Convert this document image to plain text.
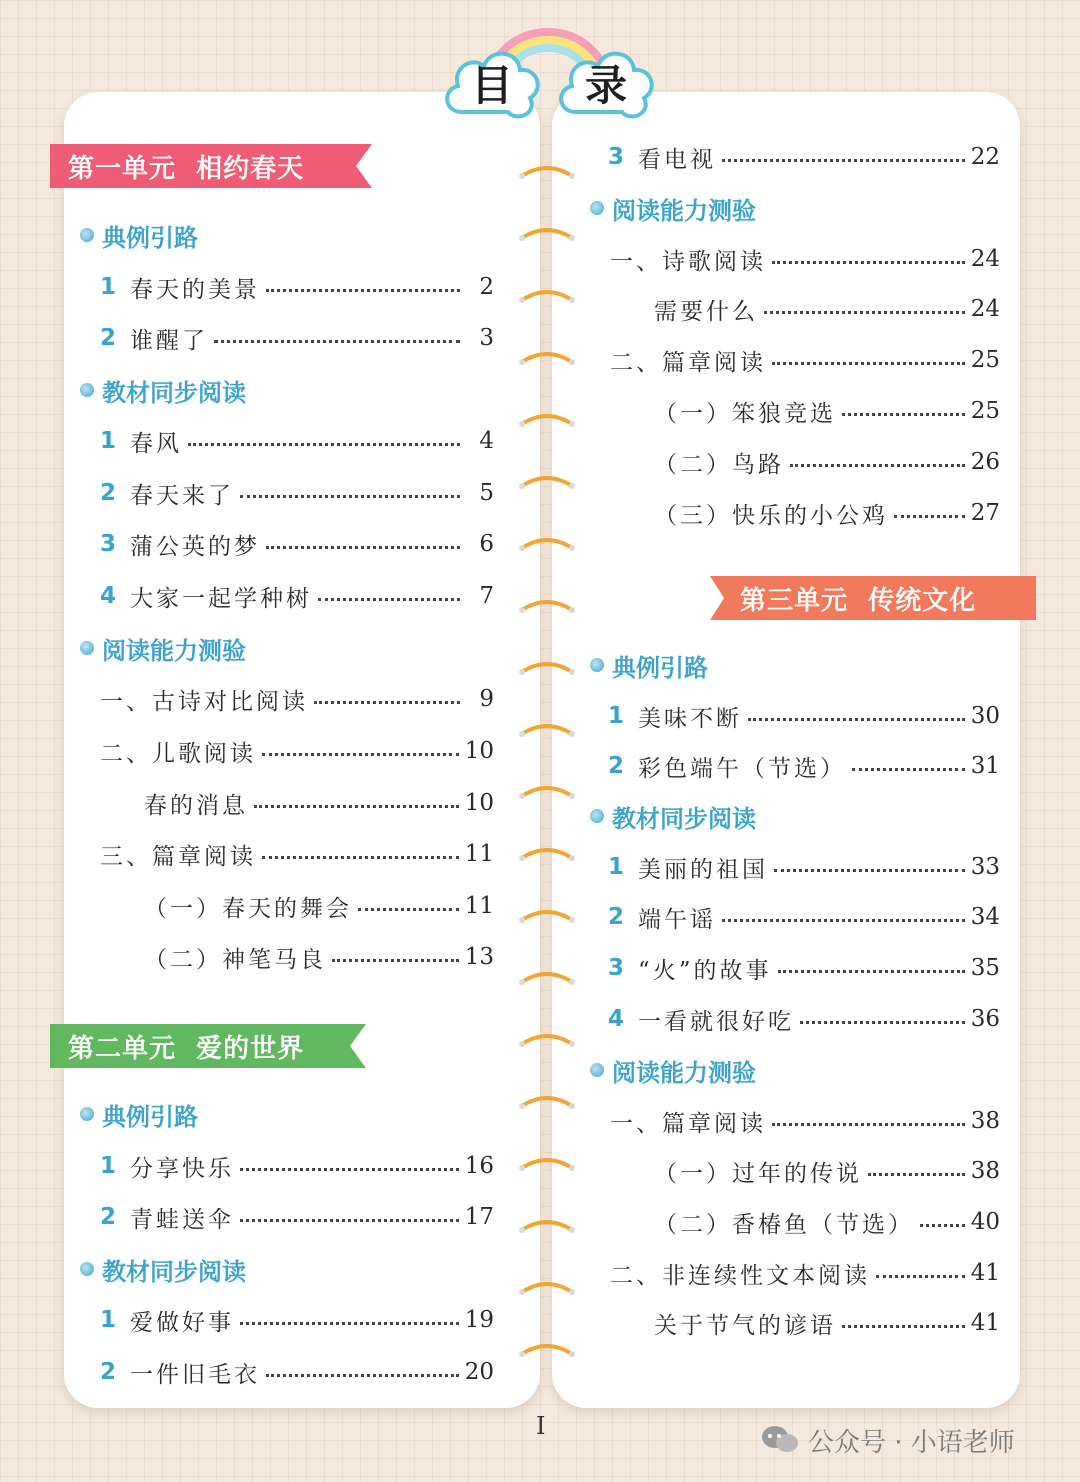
目	录
第一单元  相约春天
典例引路
1 春天的美景	2
2 谁醒了	3
教材同步阅读
1 春风	4
2 春天来了	5
3 蒲公英的梦	6
4 大家一起学种树	7
阅读能力测验
一、古诗对比阅读	9
二、儿歌阅读	10
春的消息	10
三、篇章阅读	11
（一）春天的舞会	11
（二）神笔马良	13
第二单元  爱的世界
典例引路
1 分享快乐	16
2 青蛙送伞	17
教材同步阅读
1 爱做好事	19
2 一件旧毛衣	20
3 看电视	22
阅读能力测验
一、诗歌阅读	24
需要什么	24
二、篇章阅读	25
（一）笨狼竞选	25
（二）鸟路	26
（三）快乐的小公鸡	27
第三单元  传统文化
典例引路
1 美味不断	30
2 彩色端午（节选）	31
教材同步阅读
1 美丽的祖国	33
2 端午谣	34
3 “火”的故事	35
4 一看就很好吃	36
阅读能力测验
一、篇章阅读	38
（一）过年的传说	38
（二）香椿鱼（节选） 40
二、非连续性文本阅读	41
关于节气的谚语	41
I
公众号 · 小语老师
